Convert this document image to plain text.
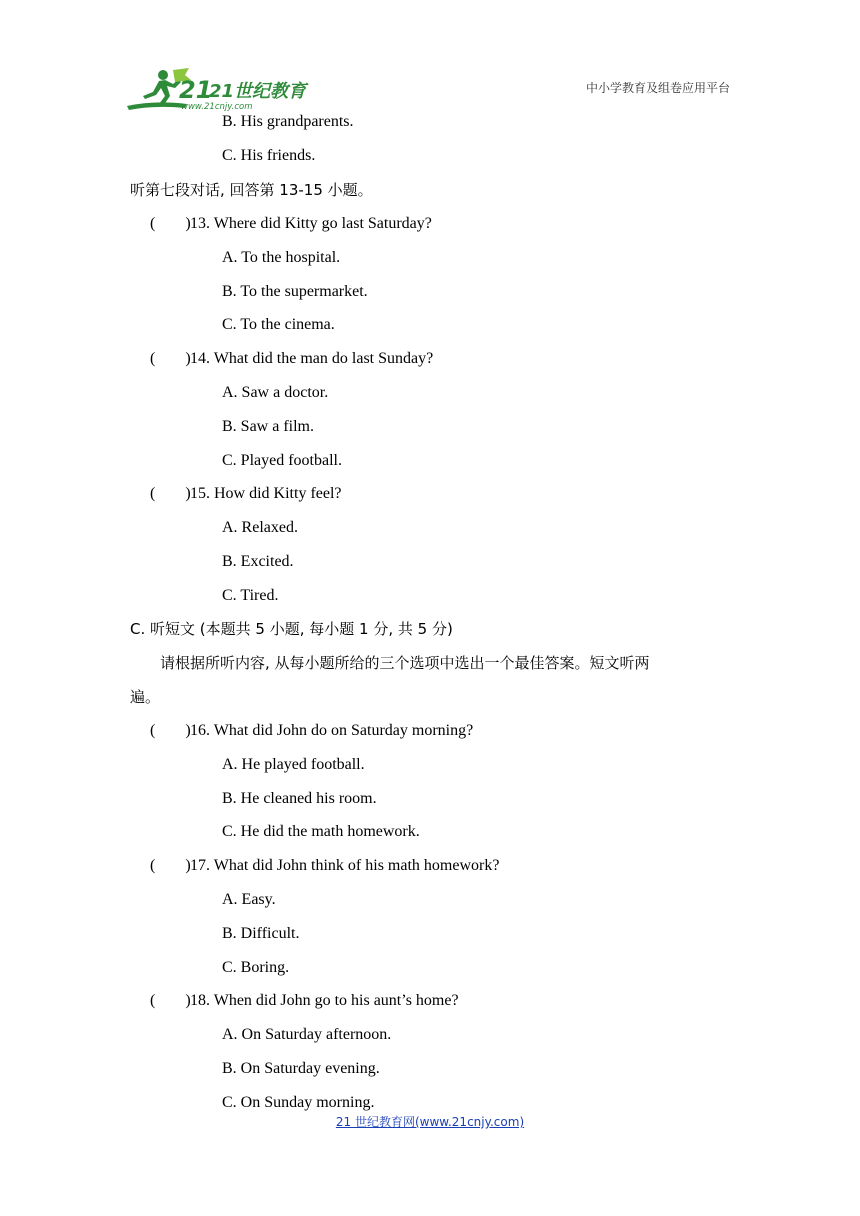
21
21世纪教育
www.21cnjy.com
中小学教育及组卷应用平台
B. His grandparents.
C. His friends.
听第七段对话, 回答第 13-15 小题。
( ) 13. Where did Kitty go last Saturday?
A. To the hospital.
B. To the supermarket.
C. To the cinema.
( ) 14. What did the man do last Sunday?
A. Saw a doctor.
B. Saw a film.
C. Played football.
( ) 15. How did Kitty feel?
A. Relaxed.
B. Excited.
C. Tired.
C. 听短文 (本题共 5 小题, 每小题 1 分, 共 5 分)
请根据所听内容, 从每小题所给的三个选项中选出一个最佳答案。短文听两
遍。
( ) 16. What did John do on Saturday morning?
A. He played football.
B. He cleaned his room.
C. He did the math homework.
( ) 17. What did John think of his math homework?
A. Easy.
B. Difficult.
C. Boring.
( ) 18. When did John go to his aunt’s home?
A. On Saturday afternoon.
B. On Saturday evening.
C. On Sunday morning.
21 世纪教育网(www.21cnjy.com)
